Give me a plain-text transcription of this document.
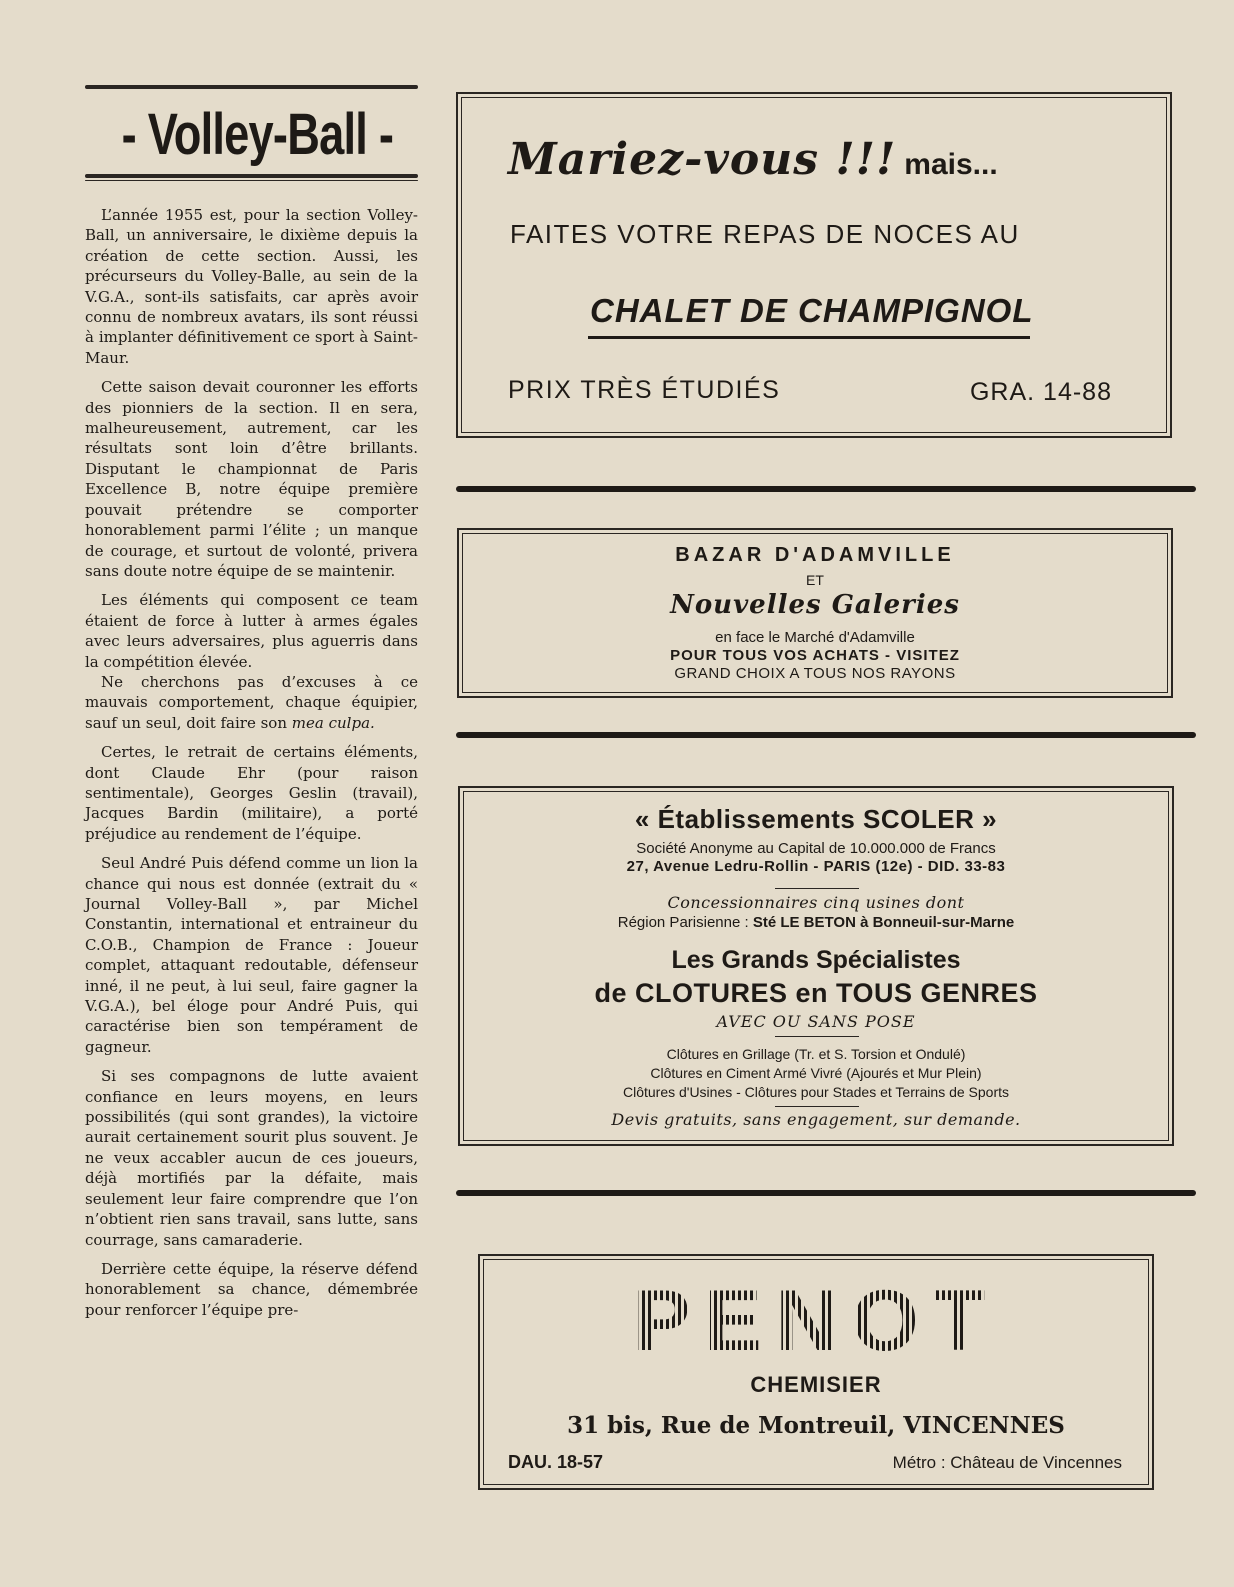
- Volley-Ball -

L’année 1955 est, pour la section Volley-Ball, un anniversaire, le dixième depuis la création de cette section. Aussi, les précurseurs du Volley-Balle, au sein de la V.G.A., sont-ils satisfaits, car après avoir connu de nombreux avatars, ils sont réussi à implanter définitivement ce sport à Saint-Maur.

Cette saison devait couronner les efforts des pionniers de la section. Il en sera, malheureusement, autrement, car les résultats sont loin d’être brillants. Disputant le championnat de Paris Excellence B, notre équipe première pouvait prétendre se comporter honorablement parmi l’élite ; un manque de courage, et surtout de volonté, privera sans doute notre équipe de se maintenir.

Les éléments qui composent ce team étaient de force à lutter à armes égales avec leurs adversaires, plus aguerris dans la compétition élevée.

Ne cherchons pas d’excuses à ce mauvais comportement, chaque équipier, sauf un seul, doit faire son mea culpa.

Certes, le retrait de certains éléments, dont Claude Ehr (pour raison sentimentale), Georges Geslin (travail), Jacques Bardin (militaire), a porté préjudice au rendement de l’équipe.

Seul André Puis défend comme un lion la chance qui nous est donnée (extrait du « Journal Volley-Ball », par Michel Constantin, international et entraineur du C.O.B., Champion de France : Joueur complet, attaquant redoutable, défenseur inné, il ne peut, à lui seul, faire gagner la V.G.A.), bel éloge pour André Puis, qui caractérise bien son tempérament de gagneur.

Si ses compagnons de lutte avaient confiance en leurs moyens, en leurs possibilités (qui sont grandes), la victoire aurait certainement sourit plus souvent. Je ne veux accabler aucun de ces joueurs, déjà mortifiés par la défaite, mais seulement leur faire comprendre que l’on n’obtient rien sans travail, sans lutte, sans courrage, sans camaraderie.

Derrière cette équipe, la réserve défend honorablement sa chance, démembrée pour renforcer l’équipe pre-

Mariez-vous !!! mais...
FAITES VOTRE REPAS DE NOCES AU
CHALET DE CHAMPIGNOL
PRIX TRÈS ÉTUDIÉS	GRA. 14-88
BAZAR D'ADAMVILLE
ET
Nouvelles Galeries
en face le Marché d'Adamville
POUR TOUS VOS ACHATS - VISITEZ
GRAND CHOIX A TOUS NOS RAYONS
« Établissements SCOLER »
Société Anonyme au Capital de 10.000.000 de Francs
27, Avenue Ledru-Rollin - PARIS (12e) - DID. 33-83
Concessionnaires cinq usines dont
Région Parisienne : Sté LE BETON à Bonneuil-sur-Marne
Les Grands Spécialistes
de CLOTURES en TOUS GENRES
AVEC OU SANS POSE
Clôtures en Grillage (Tr. et S. Torsion et Ondulé)
Clôtures en Ciment Armé Vivré (Ajourés et Mur Plein)
Clôtures d'Usines - Clôtures pour Stades et Terrains de Sports
Devis gratuits, sans engagement, sur demande.
PENOT
CHEMISIER
31 bis, Rue de Montreuil, VINCENNES
DAU. 18-57	Métro : Château de Vincennes
